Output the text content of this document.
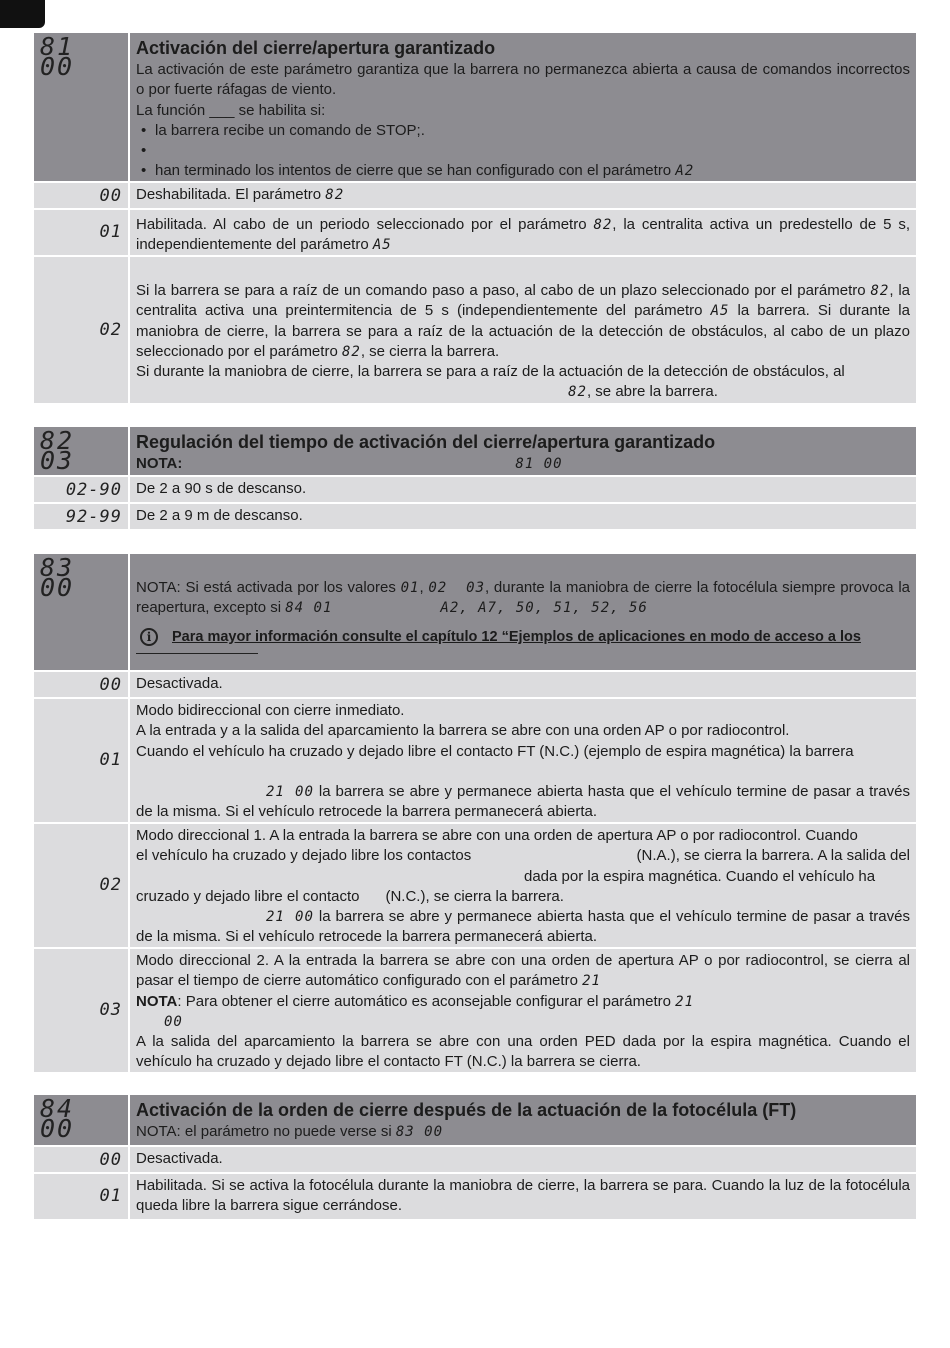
81 00
Activación del cierre/apertura garantizado
La activación de este parámetro garantiza que la barrera no permanezca abierta a causa de comandos incorrectos o por fuerte ráfagas de viento.
La función ___ se habilita si:
• la barrera recibe un comando de STOP;.
•
• han terminado los intentos de cierre que se han configurado con el parámetro A2
00 Deshabilitada. El parámetro 82
01 Habilitada. Al cabo de un periodo seleccionado por el parámetro 82, la centralita activa un predestello de 5 s, independientemente del parámetro A5
02
Si la barrera se para a raíz de un comando paso a paso, al cabo de un plazo seleccionado por el parámetro 82, la centralita activa una preintermitencia de 5 s (independientemente del parámetro A5 la barrera. Si durante la maniobra de cierre, la barrera se para a raíz de la actuación de la detección de obstáculos, al cabo de un plazo seleccionado por el parámetro 82, se cierra la barrera.
Si durante la maniobra de cierre, la barrera se para a raíz de la actuación de la detección de obstáculos, al
82, se abre la barrera.
82 03
Regulación del tiempo de activación del cierre/apertura garantizado
NOTA:	81 00
02-90 De 2 a 90 s de descanso.
92-99 De 2 a 9 m de descanso.
83 00	NOTA: Si está activada por los valores 01, 02 03, durante la maniobra de cierre la fotocélula siempre provoca la reapertura, excepto si 84 01	A2, A7, 50, 51, 52, 56
i	Para mayor información consulte el capítulo 12 “Ejemplos de aplicaciones en modo de acceso a los
00 Desactivada.
01
Modo bidireccional con cierre inmediato.
A la entrada y a la salida del aparcamiento la barrera se abre con una orden AP o por radiocontrol.
Cuando el vehículo ha cruzado y dejado libre el contacto FT (N.C.) (ejemplo de espira magnética) la barrera
21 00 la barrera se abre y permanece abierta hasta que el vehículo termine de pasar a través de la misma. Si el vehículo retrocede la barrera permanecerá abierta.
02
Modo direccional 1. A la entrada la barrera se abre con una orden de apertura AP o por radiocontrol. Cuando
el vehículo ha cruzado y dejado libre los contactos	(N.A.), se cierra la barrera. A la salida del
dada por la espira magnética. Cuando el vehículo ha
cruzado y dejado libre el contacto (N.C.), se cierra la barrera.
21 00 la barrera se abre y permanece abierta hasta que el vehículo termine de pasar a través de la misma. Si el vehículo retrocede la barrera permanecerá abierta.
03
Modo direccional 2. A la entrada la barrera se abre con una orden de apertura AP o por radiocontrol, se cierra al pasar el tiempo de cierre automático configurado con el parámetro 21
NOTA: Para obtener el cierre automático es aconsejable configurar el parámetro 21
00
A la salida del aparcamiento la barrera se abre con una orden PED dada por la espira magnética. Cuando el vehículo ha cruzado y dejado libre el contacto FT (N.C.) la barrera se cierra.
84 00
Activación de la orden de cierre después de la actuación de la fotocélula (FT)
NOTA: el parámetro no puede verse si 83 00
00 Desactivada.
01
Habilitada. Si se activa la fotocélula durante la maniobra de cierre, la barrera se para. Cuando la luz de la fotocélula queda libre la barrera sigue cerrándose.
